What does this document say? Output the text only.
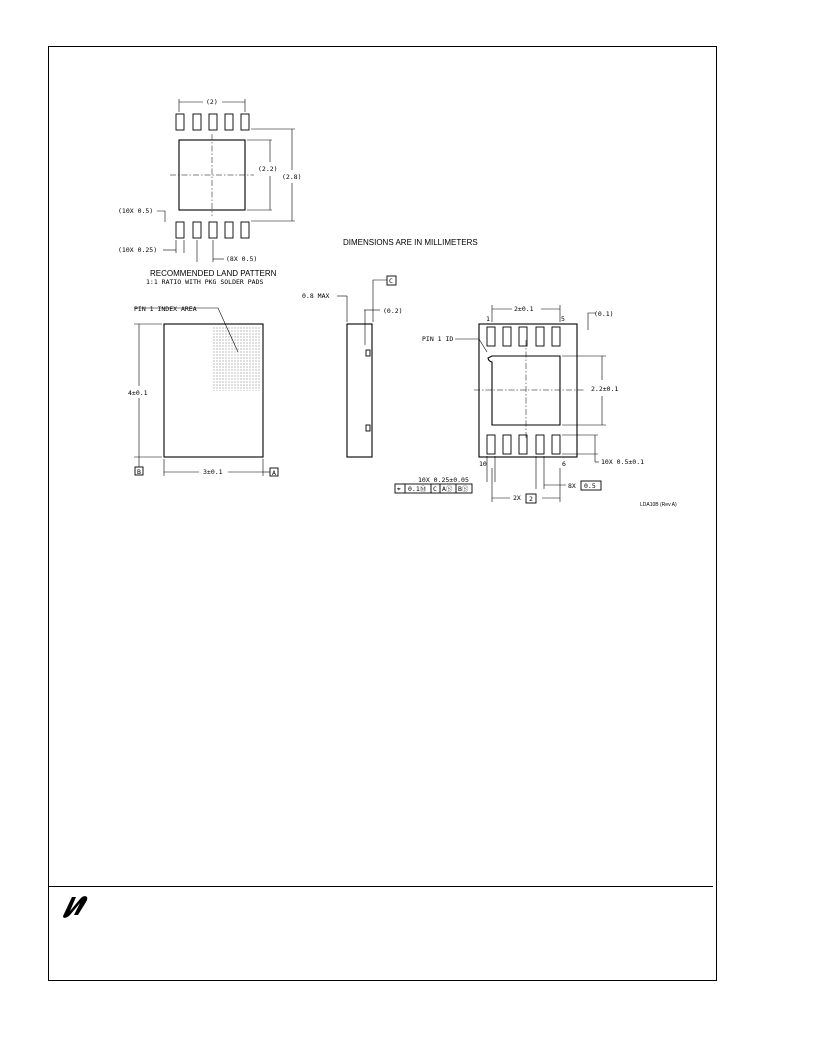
(2)
(2.2)
(2.8)
(10X 0.5)
(10X 0.25)
(8X 0.5)
RECOMMENDED LAND PATTERN
1:1 RATIO WITH PKG SOLDER PADS
DIMENSIONS ARE IN MILLIMETERS
PIN 1 INDEX AREA
4±0.1
B	3±0.1	A
C
0.8 MAX
(0.2)
1	5
10	6
PIN 1 ID
2±0.1
(0.1)
2.2±0.1
10X 0.5±0.1
10X 0.25±0.05
⌖ 0.1Ⓜ C AⓈ BⓈ	8X 0.5
2X 2
LDA10B (Rev A)
